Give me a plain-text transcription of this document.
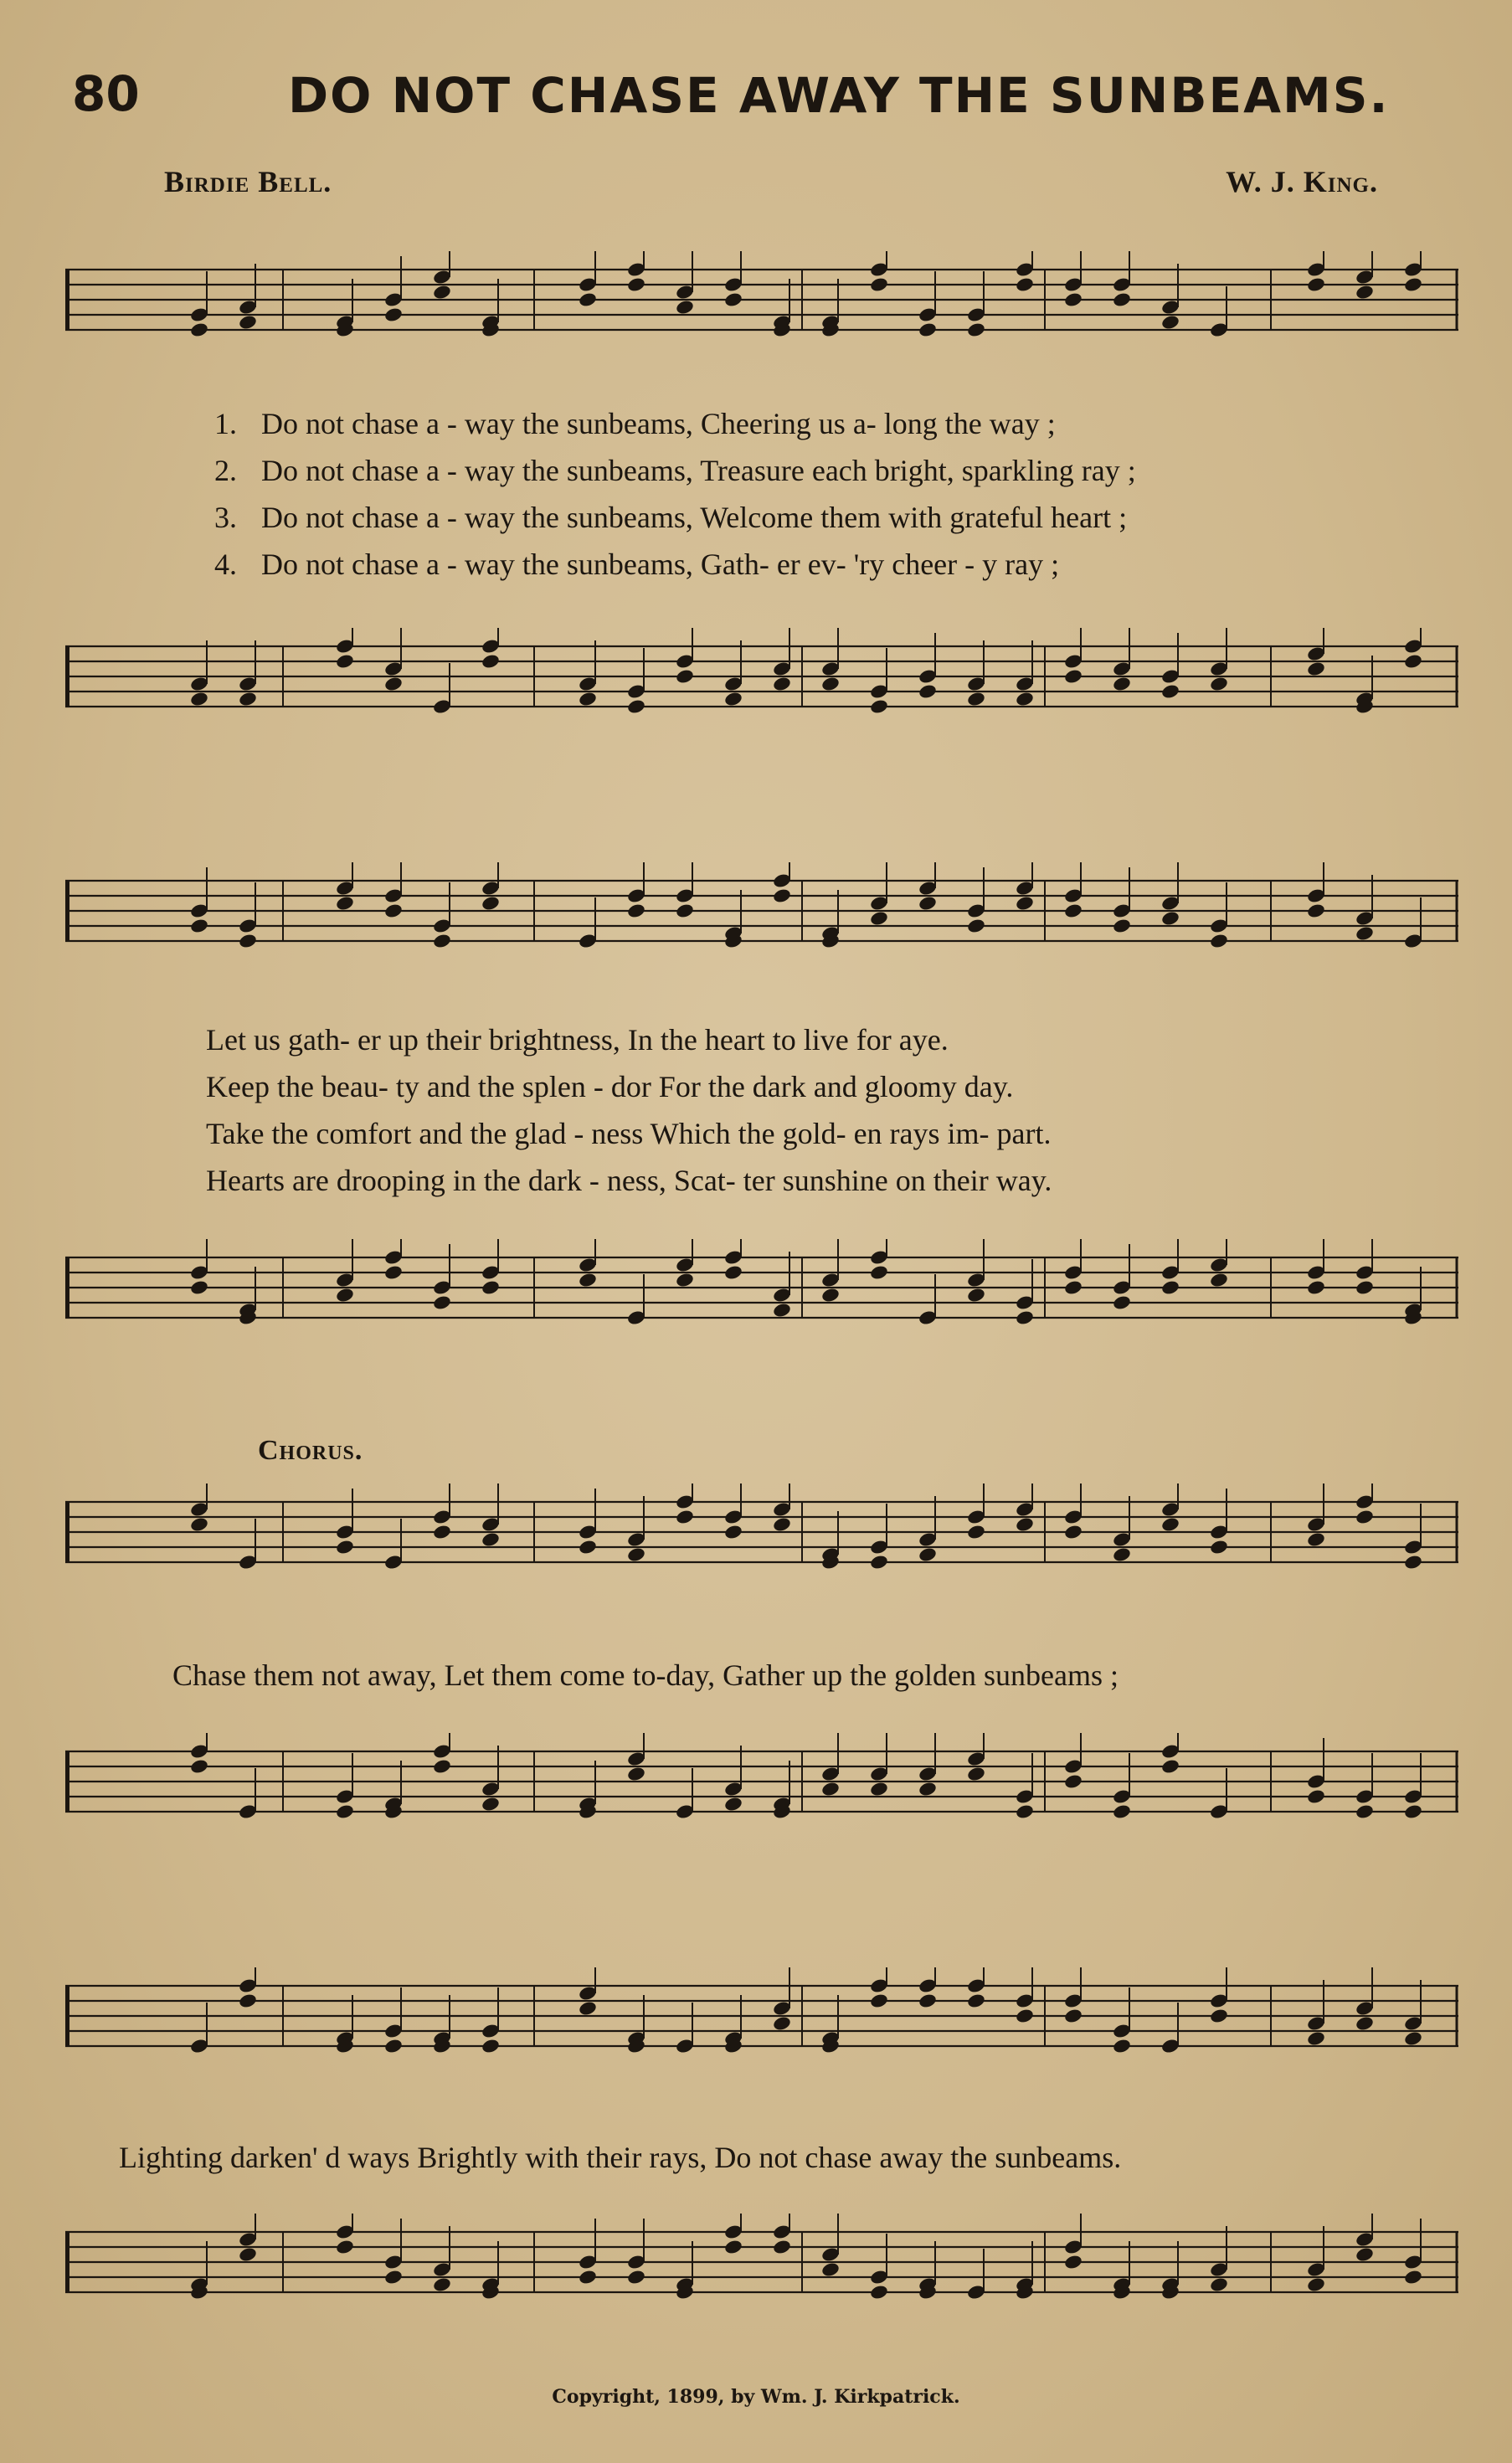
80	DO NOT CHASE AWAY THE SUNBEAMS.
Birdie Bell.	W. J. King.
1. Do not chase a - way the sunbeams, Cheering us a- long the way ;
2. Do not chase a - way the sunbeams, Treasure each bright, sparkling ray ;
3. Do not chase a - way the sunbeams, Welcome them with grateful heart ;
4. Do not chase a - way the sunbeams, Gath- er ev- 'ry cheer - y ray ;
Let us gath- er up their brightness, In the heart to live for aye.
Keep the beau- ty and the splen - dor For the dark and gloomy day.
Take the comfort and the glad - ness Which the gold- en rays im- part.
Hearts are drooping in the dark - ness, Scat- ter sunshine on their way.
Chorus.
Chase them not away, Let them come to-day, Gather up the golden sunbeams ;
Lighting darken' d ways Brightly with their rays, Do not chase away the sunbeams.
Copyright, 1899, by Wm. J. Kirkpatrick.
